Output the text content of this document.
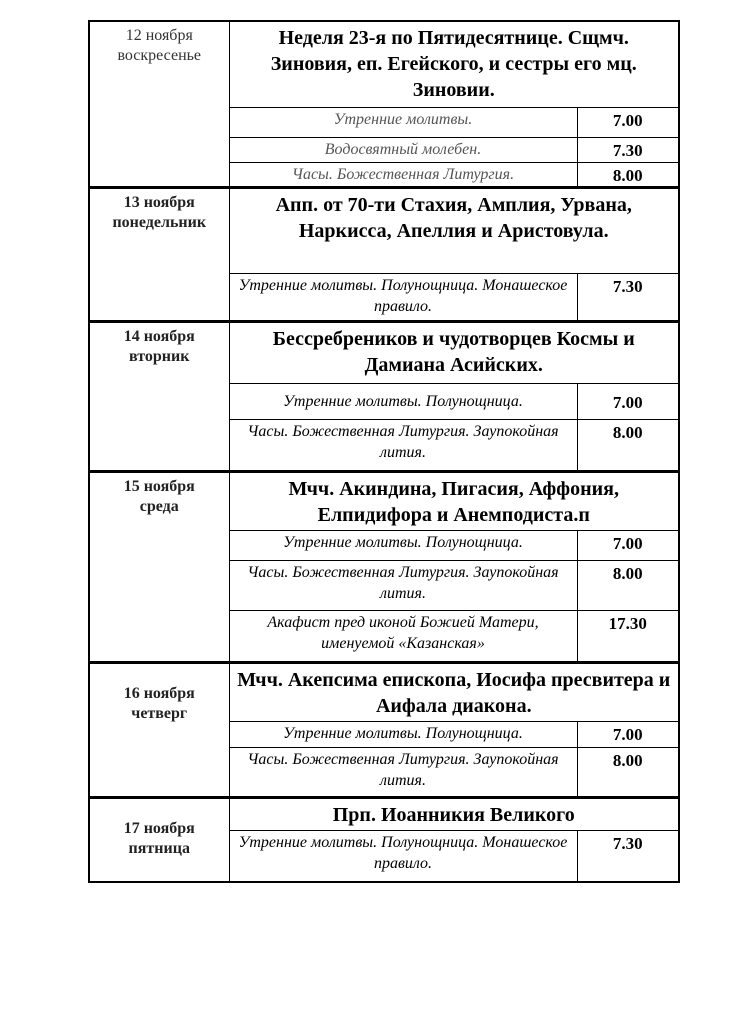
12 ноября
воскресенье	Неделя 23-я по Пятидесятнице. Сщмч. Зиновия, еп. Егейского, и сестры его мц. Зиновии.	
	Утренние молитвы.	7.00
	Водосвятный молебен.	7.30
	Часы. Божественная Литургия.	8.00

13 ноября
понедельник	Апп. от 70-ти Стахия, Амплия, Урвана, Наркисса, Апеллия и Аристовула.	
	Утренние молитвы. Полунощница. Монашеское правило.	7.30

14 ноября
вторник	Бессребреников и чудотворцев Космы и Дамиана Асийских.	
	Утренние молитвы. Полунощница.	7.00
	Часы. Божественная Литургия. Заупокойная лития.	8.00

15 ноября
среда	Мчч. Акиндина, Пигасия, Аффония, Елпидифора и Анемподиста.п	
	Утренние молитвы. Полунощница.	7.00
	Часы. Божественная Литургия. Заупокойная лития.	8.00
	Акафист пред иконой Божией Матери, именуемой «Казанская»	17.30

16 ноября
четверг	Мчч. Акепсима епископа, Иосифа пресвитера и Аифала диакона.	
	Утренние молитвы. Полунощница.	7.00
	Часы. Божественная Литургия. Заупокойная лития.	8.00

17 ноября
пятница	Прп. Иоанникия Великого	
	Утренние молитвы. Полунощница. Монашеское правило.	7.30
